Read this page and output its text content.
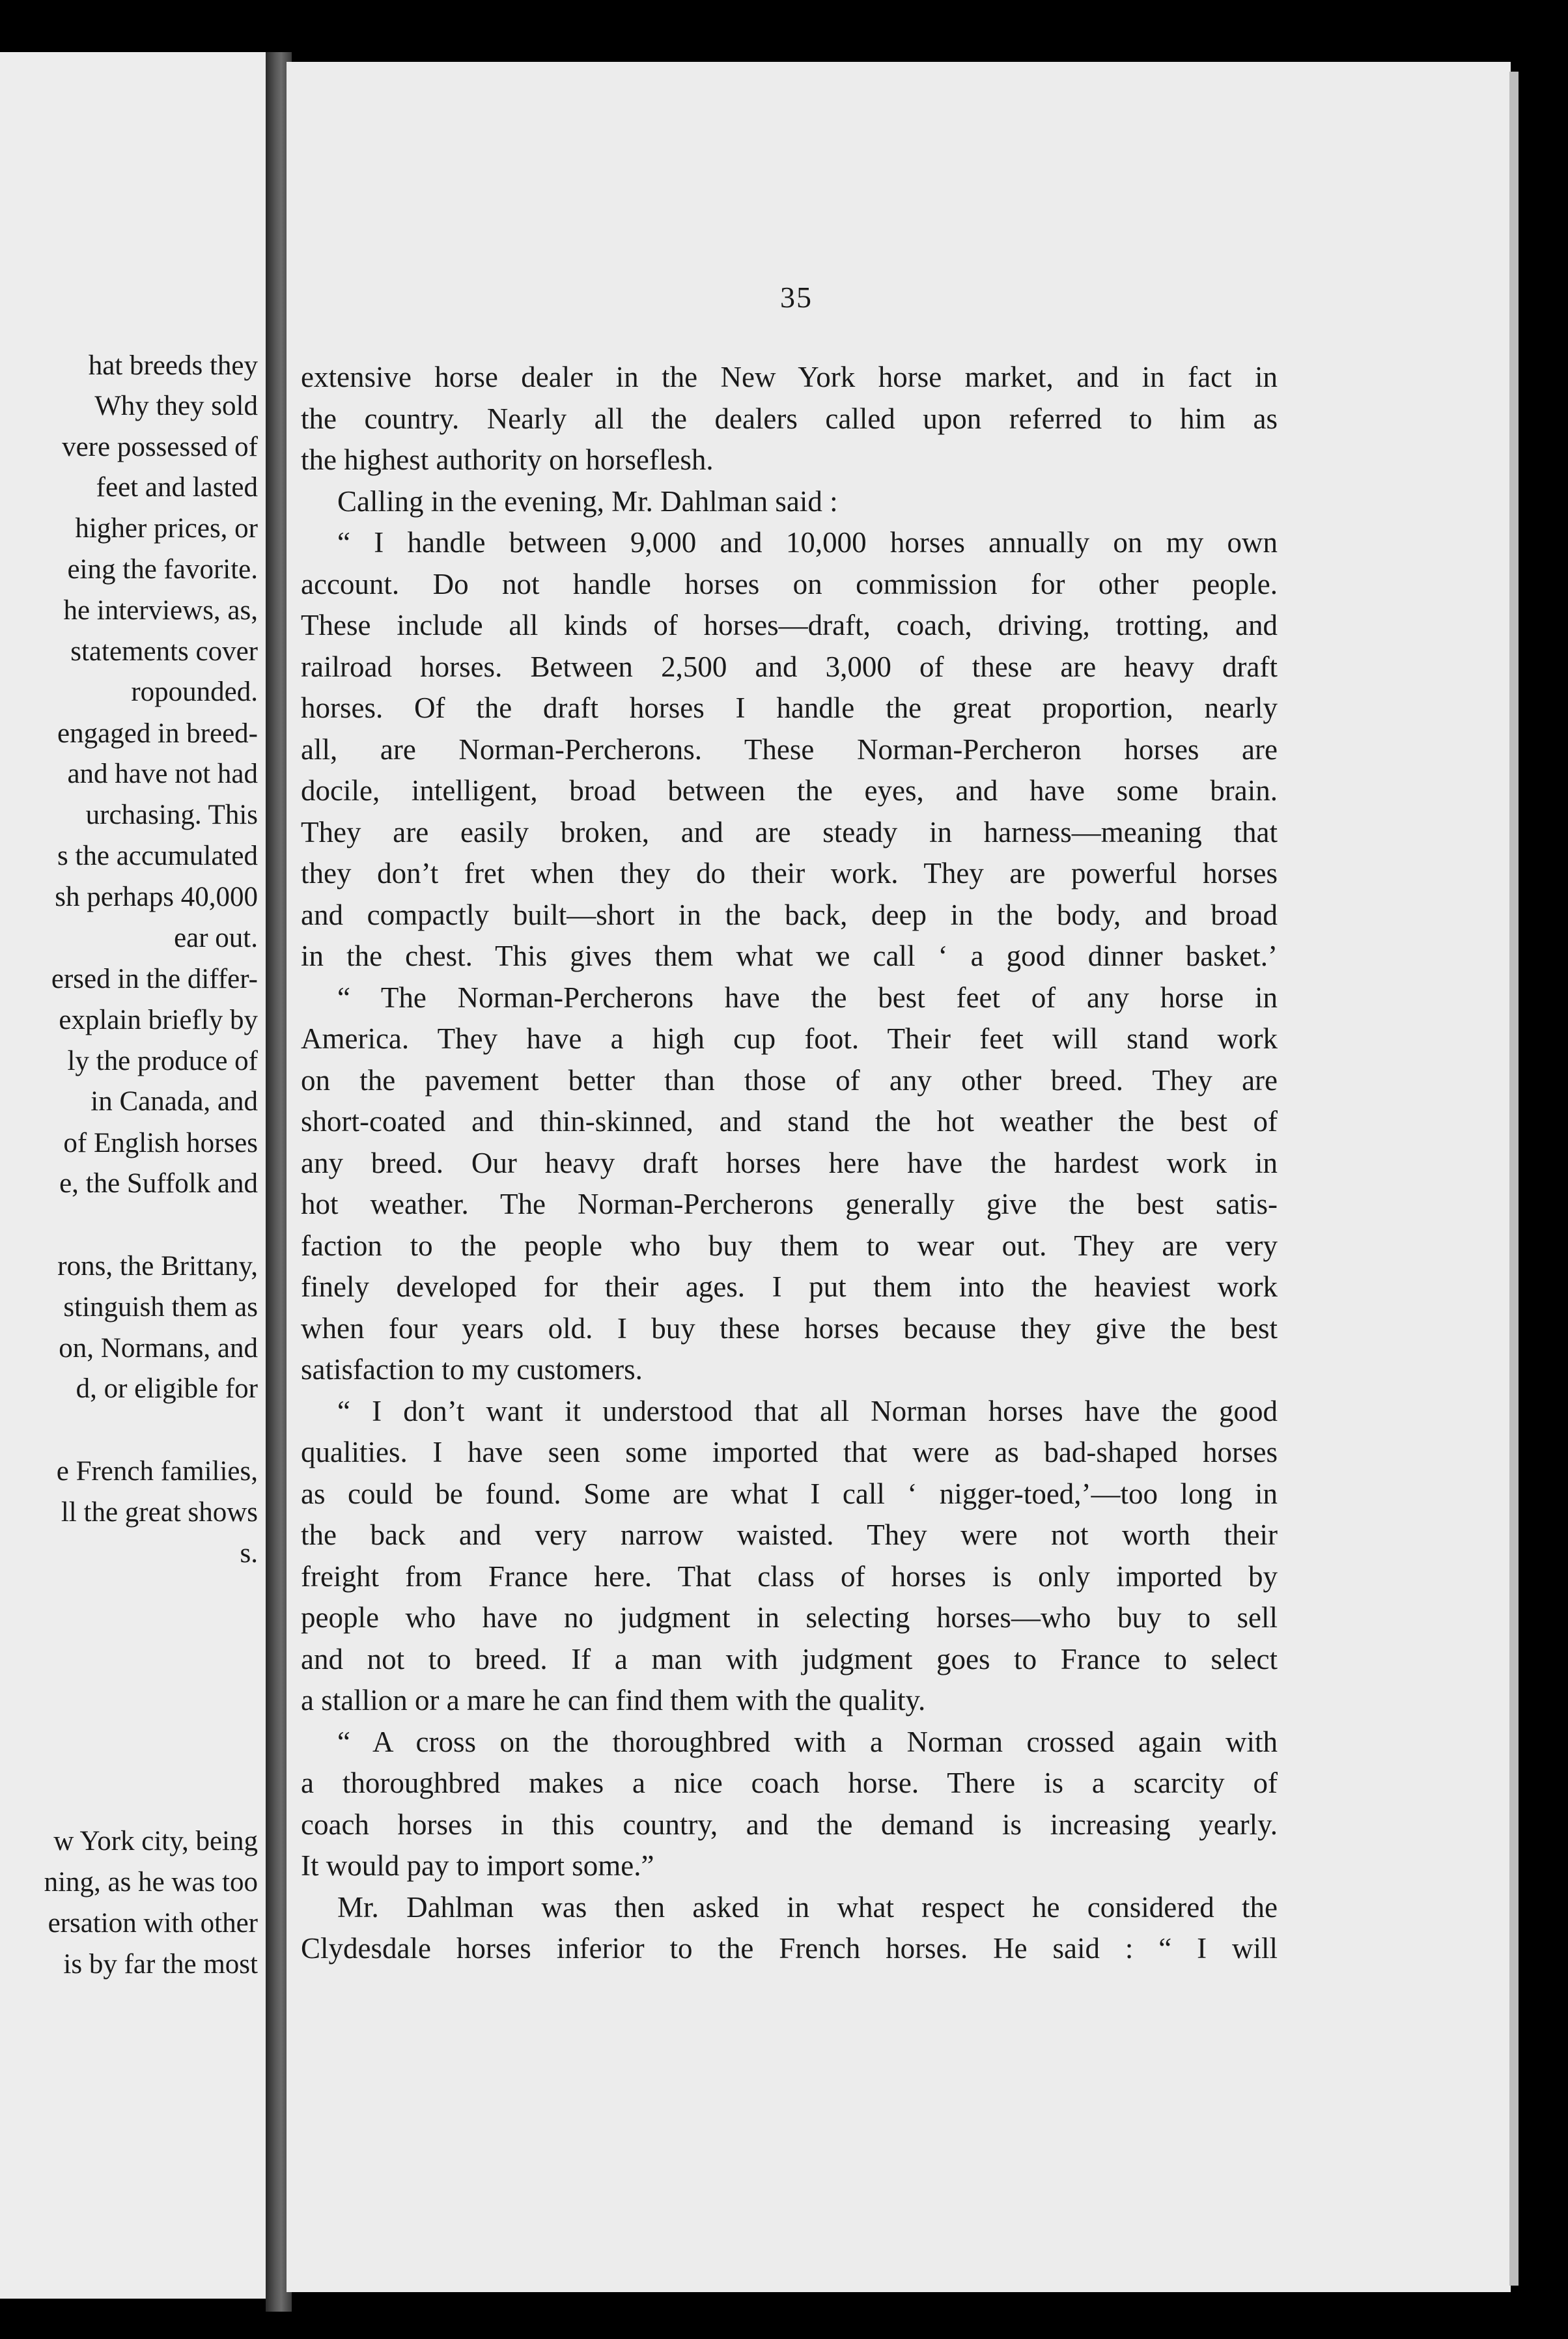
hat breeds they
Why they sold
vere possessed of
feet and lasted
higher prices, or
eing the favorite.
he interviews, as,
statements cover
ropounded.
engaged in breed-
and have not had
urchasing. This
s the accumulated
sh perhaps 40,000
ear out.
ersed in the differ-
explain briefly by
ly the produce of
in Canada, and
of English horses
e, the Suffolk and
rons, the Brittany,
stinguish them as
on, Normans, and
d, or eligible for
e French families,
ll the great shows
s.
w York city, being
ning, as he was too
ersation with other
is by far the most
35
extensive horse dealer in the New York horse market, and in fact in
the country. Nearly all the dealers called upon referred to him as
the highest authority on horseflesh.
Calling in the evening, Mr. Dahlman said :
“ I handle between 9,000 and 10,000 horses annually on my own
account. Do not handle horses on commission for other people.
These include all kinds of horses—draft, coach, driving, trotting, and
railroad horses. Between 2,500 and 3,000 of these are heavy draft
horses. Of the draft horses I handle the great proportion, nearly
all, are Norman-Percherons. These Norman-Percheron horses are
docile, intelligent, broad between the eyes, and have some brain.
They are easily broken, and are steady in harness—meaning that
they don’t fret when they do their work. They are powerful horses
and compactly built—short in the back, deep in the body, and broad
in the chest. This gives them what we call ‘ a good dinner basket.’
“ The Norman-Percherons have the best feet of any horse in
America. They have a high cup foot. Their feet will stand work
on the pavement better than those of any other breed. They are
short-coated and thin-skinned, and stand the hot weather the best of
any breed. Our heavy draft horses here have the hardest work in
hot weather. The Norman-Percherons generally give the best satis-
faction to the people who buy them to wear out. They are very
finely developed for their ages. I put them into the heaviest work
when four years old. I buy these horses because they give the best
satisfaction to my customers.
“ I don’t want it understood that all Norman horses have the good
qualities. I have seen some imported that were as bad-shaped horses
as could be found. Some are what I call ‘ nigger-toed,’—too long in
the back and very narrow waisted. They were not worth their
freight from France here. That class of horses is only imported by
people who have no judgment in selecting horses—who buy to sell
and not to breed. If a man with judgment goes to France to select
a stallion or a mare he can find them with the quality.
“ A cross on the thoroughbred with a Norman crossed again with
a thoroughbred makes a nice coach horse. There is a scarcity of
coach horses in this country, and the demand is increasing yearly.
It would pay to import some.”
Mr. Dahlman was then asked in what respect he considered the
Clydesdale horses inferior to the French horses. He said : “ I will
